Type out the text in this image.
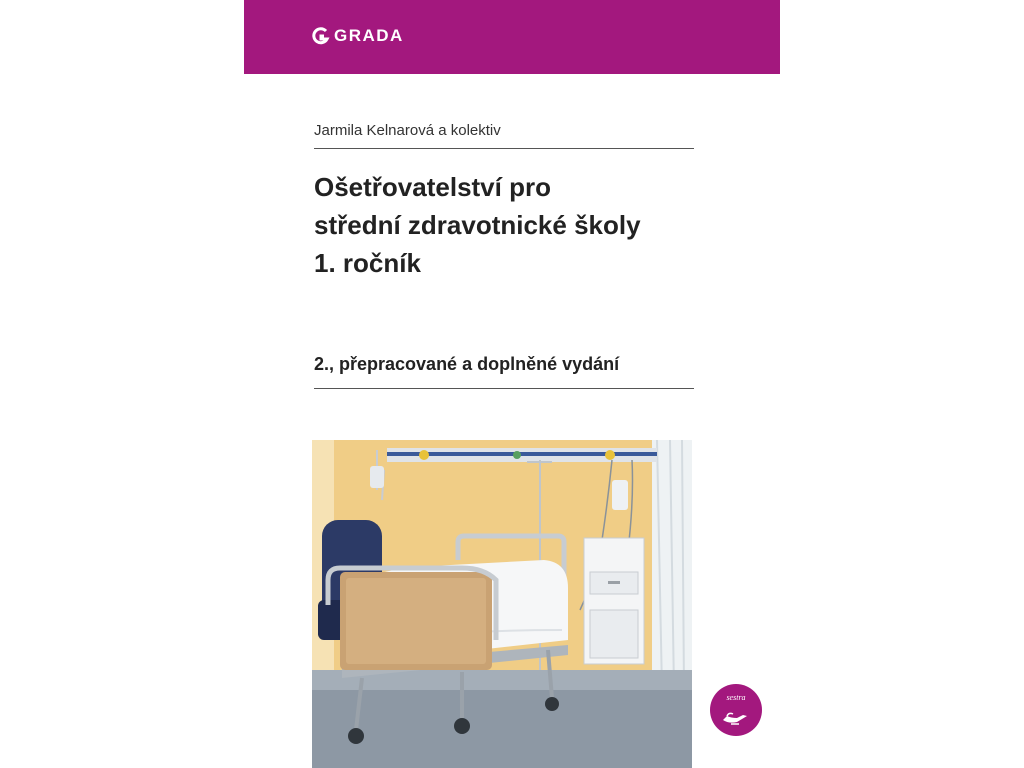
GRADA
Jarmila Kelnarová a kolektiv
Ošetřovatelství pro
střední zdravotnické školy
1. ročník
2., přepracované a doplněné vydání
sestra
